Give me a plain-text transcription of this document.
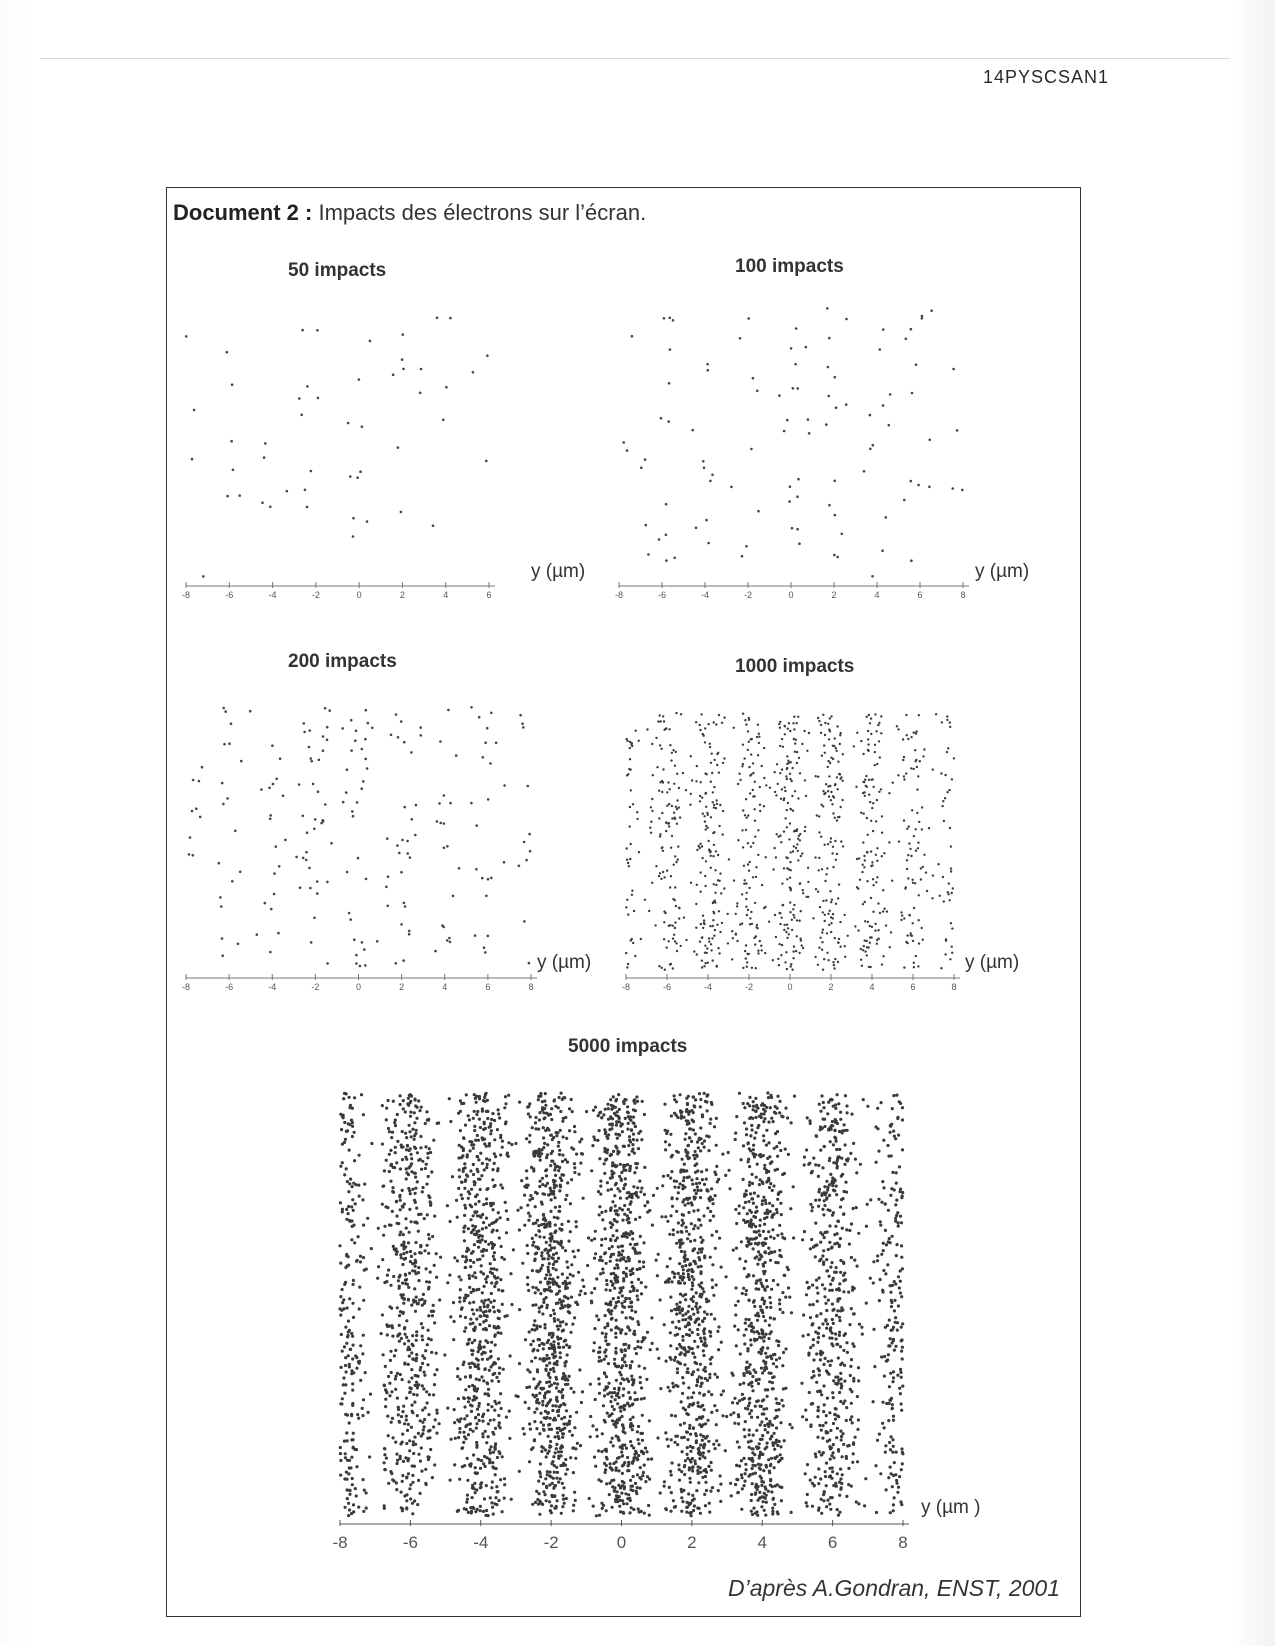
14PYSCSAN1
Document 2 : Impacts des électrons sur l’écran.
50 impacts	100 impacts
200 impacts	1000 impacts
5000 impacts
y (µm)	y (µm)
y (µm)	y (µm)
y (µm )
-8	-6	-4	-2	0	2	4	6	-8	-6	-4	-2	0	2	4	6	8
-8	-6	-4	-2	0	2	4	6	8	-8	-6	-4	-2	0	2	4	6	8
-8	-6	-4	-2	0	2	4	6	8
D’après A.Gondran, ENST, 2001
